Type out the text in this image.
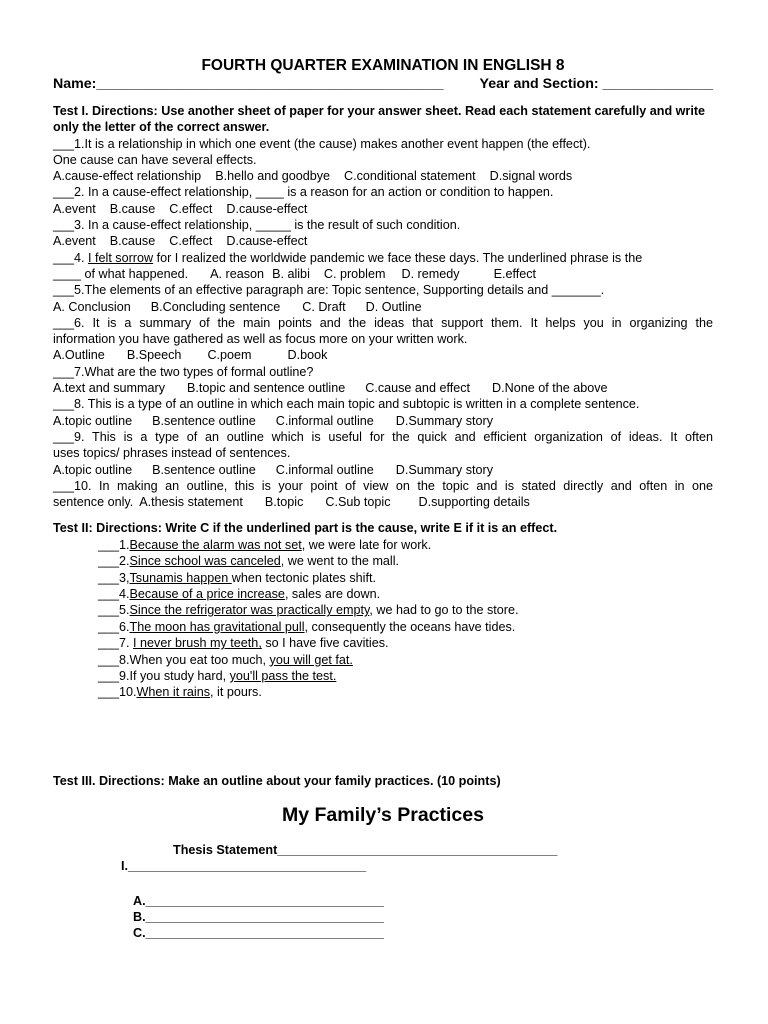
FOURTH QUARTER EXAMINATION IN ENGLISH 8
Name:____________________________________________	Year and Section: ______________
Test I. Directions: Use another sheet of paper for your answer sheet. Read each statement carefully and write only the letter of the correct answer.
___1.It is a relationship in which one event (the cause) makes another event happen (the effect).
One cause can have several effects.
A.cause-effect relationship B.hello and goodbye C.conditional statement D.signal words
___2. In a cause-effect relationship, ____ is a reason for an action or condition to happen.
A.event B.cause C.effect D.cause-effect
___3. In a cause-effect relationship, _____ is the result of such condition.
A.event B.cause C.effect D.cause-effect
___4. I felt sorrow for I realized the worldwide pandemic we face these days. The underlined phrase is the
____ of what happened. A. reason B. alibi C. problem D. remedy	E.effect
___5.The elements of an effective paragraph are: Topic sentence, Supporting details and _______.
A. Conclusion B.Concluding sentence C. Draft D. Outline
___6. It is a summary of the main points and the ideas that support them. It helps you in organizing the
information you have gathered as well as focus more on your written work.
A.Outline B.Speech C.poem	D.book
___7.What are the two types of formal outline?
A.text and summary B.topic and sentence outline C.cause and effect D.None of the above
___8. This is a type of an outline in which each main topic and subtopic is written in a complete sentence.
A.topic outline B.sentence outline C.informal outline D.Summary story
___9. This is a type of an outline which is useful for the quick and efficient organization of ideas. It often
uses topics/ phrases instead of sentences.
A.topic outline B.sentence outline C.informal outline D.Summary story
___10. In making an outline, this is your point of view on the topic and is stated directly and often in one
sentence only. A.thesis statement B.topic C.Sub topic D.supporting details
Test II: Directions: Write C if the underlined part is the cause, write E if it is an effect.
___1.Because the alarm was not set, we were late for work.
___2.Since school was canceled, we went to the mall.
___3,Tsunamis happen when tectonic plates shift.
___4.Because of a price increase, sales are down.
___5.Since the refrigerator was practically empty, we had to go to the store.
___6.The moon has gravitational pull, consequently the oceans have tides.
___7. I never brush my teeth, so I have five cavities.
___8.When you eat too much, you will get fat.
___9.If you study hard, you'll pass the test.
___10.When it rains, it pours.
Test III. Directions: Make an outline about your family practices. (10 points)
My Family’s Practices
Thesis Statement________________________________________
I.__________________________________
A.__________________________________
B.__________________________________
C.__________________________________
